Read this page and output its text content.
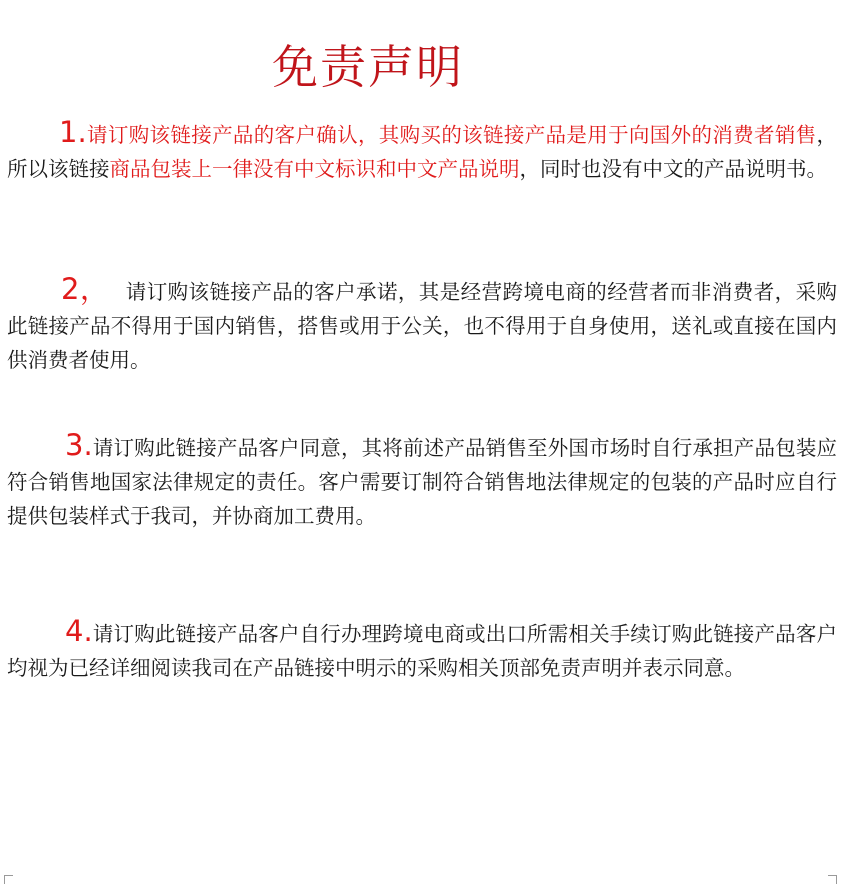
免责声明

1.请订购该链接产品的客户确认，其购买的该链接产品是用于向国外的消费者销售，所以该链接商品包装上一律没有中文标识和中文产品说明，同时也没有中文的产品说明书。

2， 请订购该链接产品的客户承诺，其是经营跨境电商的经营者而非消费者，采购此链接产品不得用于国内销售，搭售或用于公关，也不得用于自身使用，送礼或直接在国内供消费者使用。

3.请订购此链接产品客户同意，其将前述产品销售至外国市场时自行承担产品包装应符合销售地国家法律规定的责任。客户需要订制符合销售地法律规定的包装的产品时应自行提供包装样式于我司，并协商加工费用。

4.请订购此链接产品客户自行办理跨境电商或出口所需相关手续订购此链接产品客户均视为已经详细阅读我司在产品链接中明示的采购相关顶部免责声明并表示同意。
